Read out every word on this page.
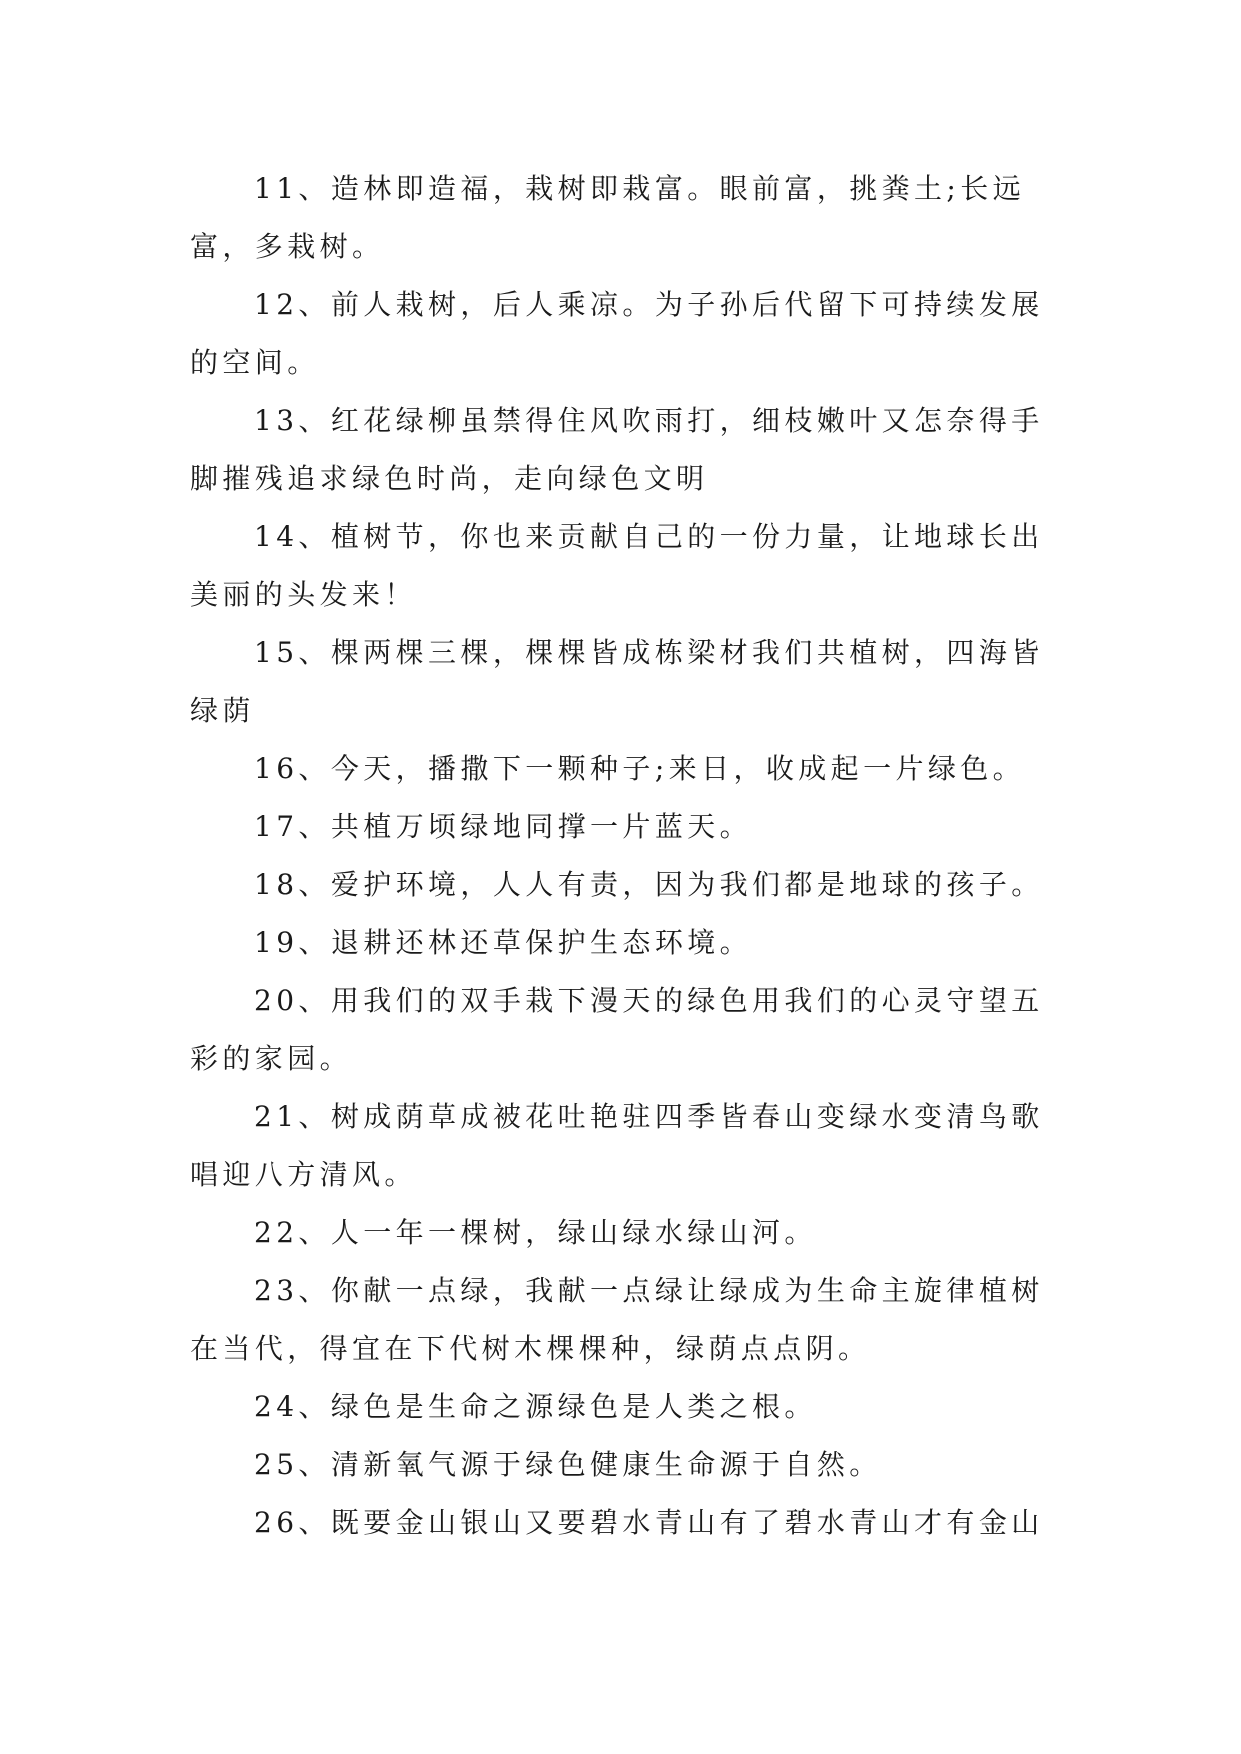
11、造林即造福，栽树即栽富。眼前富，挑粪土;长远富，多栽树。

12、前人栽树，后人乘凉。为子孙后代留下可持续发展的空间。

13、红花绿柳虽禁得住风吹雨打，细枝嫩叶又怎奈得手脚摧残追求绿色时尚，走向绿色文明

14、植树节，你也来贡献自己的一份力量，让地球长出美丽的头发来！

15、棵两棵三棵，棵棵皆成栋梁材我们共植树，四海皆绿荫

16、今天，播撒下一颗种子;来日，收成起一片绿色。

17、共植万顷绿地同撑一片蓝天。

18、爱护环境，人人有责，因为我们都是地球的孩子。

19、退耕还林还草保护生态环境。

20、用我们的双手栽下漫天的绿色用我们的心灵守望五彩的家园。

21、树成荫草成被花吐艳驻四季皆春山变绿水变清鸟歌唱迎八方清风。

22、人一年一棵树，绿山绿水绿山河。

23、你献一点绿，我献一点绿让绿成为生命主旋律植树在当代，得宜在下代树木棵棵种，绿荫点点阴。

24、绿色是生命之源绿色是人类之根。

25、清新氧气源于绿色健康生命源于自然。

26、既要金山银山又要碧水青山有了碧水青山才有金山
